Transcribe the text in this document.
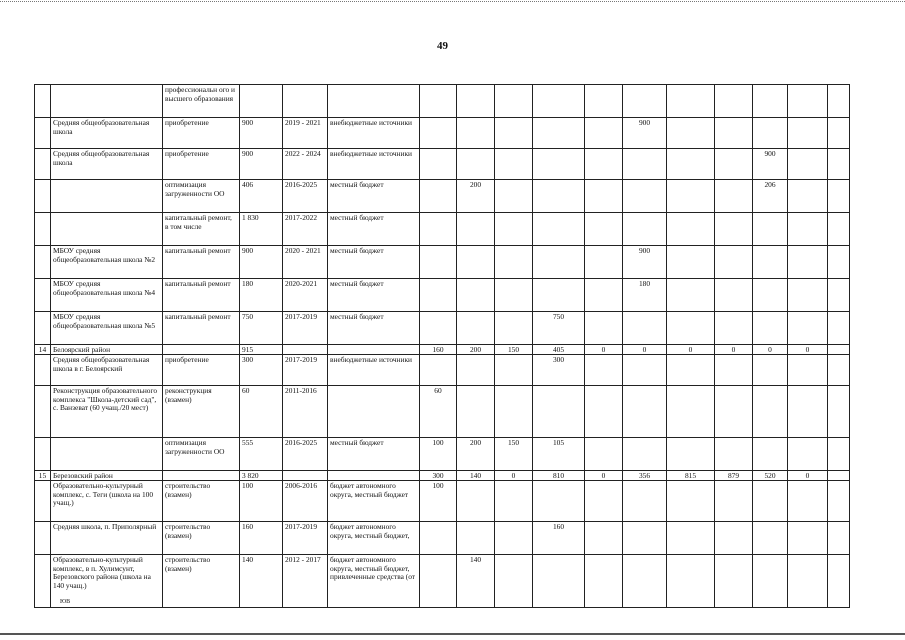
49
		профессиональн ого и высшего образования														
	Средняя общеобразовательная школа	приобретение	900	2019 - 2021	внебюджетные источники						900					
	Средняя общеобразовательная школа	приобретение	900	2022 - 2024	внебюджетные источники									900		
		оптимизация загруженности ОО	406	2016-2025	местный бюджет		200							206		
		капитальный ремонт, в том числе	1 830	2017-2022	местный бюджет											
	МБОУ средняя общеобразовательная школа №2	капитальный ремонт	900	2020 - 2021	местный бюджет						900					
	МБОУ средняя общеобразовательная школа №4	капитальный ремонт	180	2020-2021	местный бюджет						180					
	МБОУ средняя общеобразовательная школа №5	капитальный ремонт	750	2017-2019	местный бюджет				750							
14	Белоярский район		915			160	200	150	405	0	0	0	0	0	0	
	Средняя общеобразовательная школа в г. Белоярский	приобретение	300	2017-2019	внебюджетные источники				300							
	Реконструкция образовательного комплекса "Школа-детский сад", с. Ванзеват (60 учащ./20 мест)	реконструкция (взамен)	60	2011-2016		60										
		оптимизация загруженности ОО	555	2016-2025	местный бюджет	100	200	150	105							
15	Березовский район		3 820			300	140	0	810	0	356	815	879	520	0	
	Образовательно-культурный комплекс, с. Теги (школа на 100 учащ.)	строительство (взамен)	100	2006-2016	бюджет автономного округа, местный бюджет	100										
	Средняя школа, п. Приполярный	строительство (взамен)	160	2017-2019	бюджет автономного округа, местный бюджет,				160							
	Образовательно-культурный комплекс, в п. Хулимсунт, Березовского района (школа на 140 учащ.)	строительство (взамен)	140	2012 - 2017	бюджет автономного округа, местный бюджет, привлеченные средства (от		140									
ЮВ
